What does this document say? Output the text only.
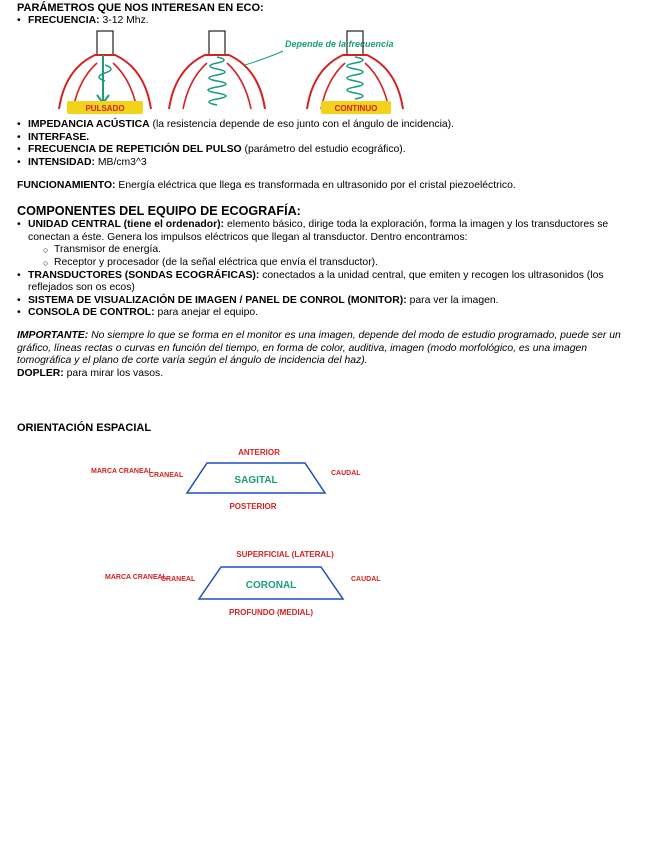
PARÁMETROS QUE NOS INTERESAN EN ECO:
• FRECUENCIA: 3-12 Mhz.
PULSADO
Depende de la frecuencia
CONTINUO
• IMPEDANCIA ACÚSTICA (la resistencia depende de eso junto con el ángulo de incidencia).
• INTERFASE.
• FRECUENCIA DE REPETICIÓN DEL PULSO (parámetro del estudio ecográfico).
• INTENSIDAD: MB/cm3^3
FUNCIONAMIENTO: Energía eléctrica que llega es transformada en ultrasonido por el cristal piezoeléctrico.
COMPONENTES DEL EQUIPO DE ECOGRAFÍA:
• UNIDAD CENTRAL (tiene el ordenador): elemento básico, dirige toda la exploración, forma la imagen y los transductores se conectan a éste. Genera los impulsos eléctricos que llegan al transductor. Dentro encontramos:
○ Transmisor de energía.
○ Receptor y procesador (de la señal eléctrica que envía el transductor).
• TRANSDUCTORES (SONDAS ECOGRÁFICAS): conectados a la unidad central, que emiten y recogen los ultrasonidos (los reflejados son os ecos)
• SISTEMA DE VISUALIZACIÓN DE IMAGEN / PANEL DE CONROL (MONITOR): para ver la imagen.
• CONSOLA DE CONTROL: para anejar el equipo.
IMPORTANTE: No siempre lo que se forma en el monitor es una imagen, depende del modo de estudio programado, puede ser un gráfico, líneas rectas o curvas en función del tiempo, en forma de color, auditiva, imagen (modo morfológico, es una imagen tomográfica y el plano de corte varía según el ángulo de incidencia del haz).
DOPLER: para mirar los vasos.
ORIENTACIÓN ESPACIAL
ANTERIOR
MARCA CRANEAL
CRANEAL	SAGITAL
CAUDAL
POSTERIOR
SUPERFICIAL (LATERAL)
MARCA CRANEAL
CRANEAL
CORONAL
CAUDAL
PROFUNDO (MEDIAL)
